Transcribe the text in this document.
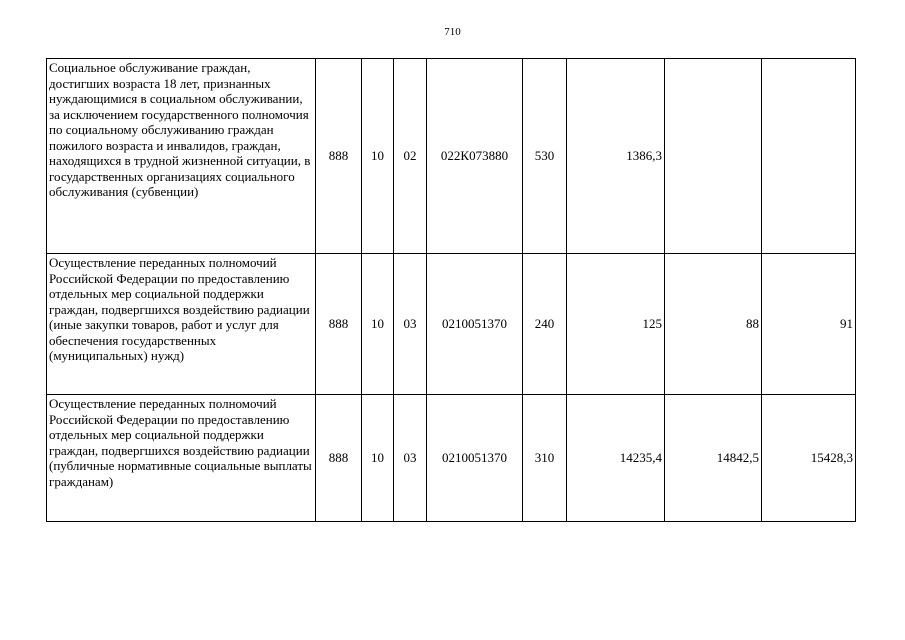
710
Социальное обслуживание граждан, достигших возраста 18 лет, признанных нуждающимися в социальном обслуживании, за исключением государственного полномочия по социальному обслуживанию граждан пожилого возраста и инвалидов, граждан, находящихся в трудной жизненной ситуации, в государственных организациях социального обслуживания (субвенции)	888	10	02	022К073880	530	1386,3		
Осуществление переданных полномочий Российской Федерации по предоставлению отдельных мер социальной поддержки граждан, подвергшихся воздействию радиации (иные закупки товаров, работ и услуг для обеспечения государственных (муниципальных) нужд)	888	10	03	0210051370	240	125	88	91
Осуществление переданных полномочий Российской Федерации по предоставлению отдельных мер социальной поддержки граждан, подвергшихся воздействию радиации (публичные нормативные социальные выплаты гражданам)	888	10	03	0210051370	310	14235,4	14842,5	15428,3
